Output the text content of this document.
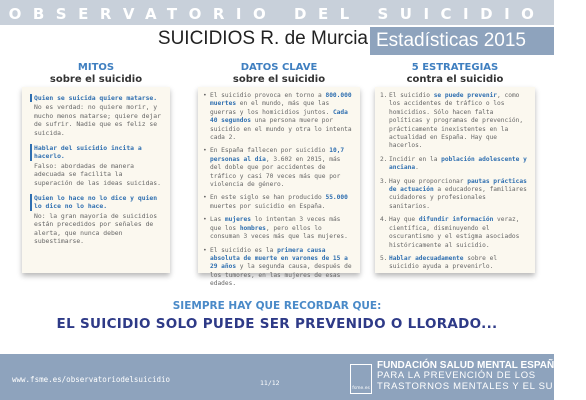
OBSERVATORIO DEL SUICIDIO
SUICIDIOS R. de Murcia Estadísticas 2015
MITOS
sobre el suicidio
DATOS CLAVE
sobre el suicidio
5 ESTRATEGIAS
contra el suicidio
Quien se suicida quiere matarse.
No es verdad: no quiere morir, y mucho menos matarse; quiere dejar de sufrir. Nadie que es feliz se suicida.
Hablar del suicidio incita a hacerlo.
Falso: abordadas de manera adecuada se facilita la superación de las ideas suicidas.
Quien lo hace no lo dice y quien lo dice no lo hace.
No: la gran mayoría de suicidios están precedidos por señales de alerta, que nunca deben subestimarse.
• El suicidio provoca en torno a 800.000 muertes en el mundo, más que las guerras y los homicidios juntos. Cada 40 segundos una persona muere por suicidio en el mundo y otra lo intenta cada 2.
• En España fallecen por suicidio 10,7 personas al día, 3.602 en 2015, más del doble que por accidentes de tráfico y casi 70 veces más que por violencia de género.
• En este siglo se han producido 55.000 muertes por suicidio en España.
• Las mujeres lo intentan 3 veces más que los hombres, pero ellos lo consuman 3 veces más que las mujeres.
• El suicidio es la primera causa absoluta de muerte en varones de 15 a 29 años y la segunda causa, después de los tumores, en las mujeres de esas edades.
1. El suicidio se puede prevenir, como los accidentes de tráfico o los homicidios. Sólo hacen falta políticas y programas de prevención, prácticamente inexistentes en la actualidad en España. Hay que hacerlos.
2. Incidir en la población adolescente y anciana.
3. Hay que proporcionar pautas prácticas de actuación a educadores, familiares cuidadores y profesionales sanitarios.
4. Hay que difundir información veraz, científica, disminuyendo el oscurantismo y el estigma asociados históricamente al suicidio.
5. Hablar adecuadamente sobre el suicidio ayuda a prevenirlo.
SIEMPRE HAY QUE RECORDAR QUE:
EL SUICIDIO SOLO PUEDE SER PREVENIDO O LLORADO...
www.fsme.es/observatoriodelsuicidio	11/12
fsme.es
FUNDACIÓN SALUD MENTAL ESPAÑA
PARA LA PREVENCIÓN DE LOS
TRASTORNOS MENTALES Y EL SUICIDIO
